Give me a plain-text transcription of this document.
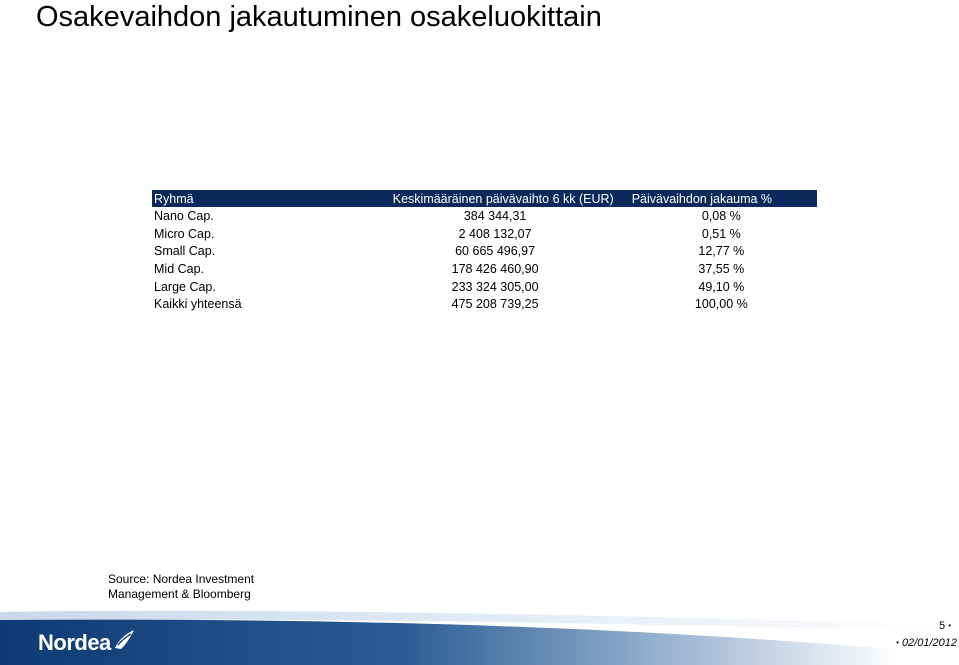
Osakevaihdon jakautuminen osakeluokittain
Ryhmä	Keskimääräinen päivävaihto 6 kk (EUR)	Päivävaihdon jakauma %
Nano Cap.	384 344,31	0,08 %
Micro Cap.	2 408 132,07	0,51 %
Small Cap.	60 665 496,97	12,77 %
Mid Cap.	178 426 460,90	37,55 %
Large Cap.	233 324 305,00	49,10 %
Kaikki yhteensä	475 208 739,25	100,00 %
Source: Nordea Investment
Management & Bloomberg
Nordea
5 •
• 02/01/2012
